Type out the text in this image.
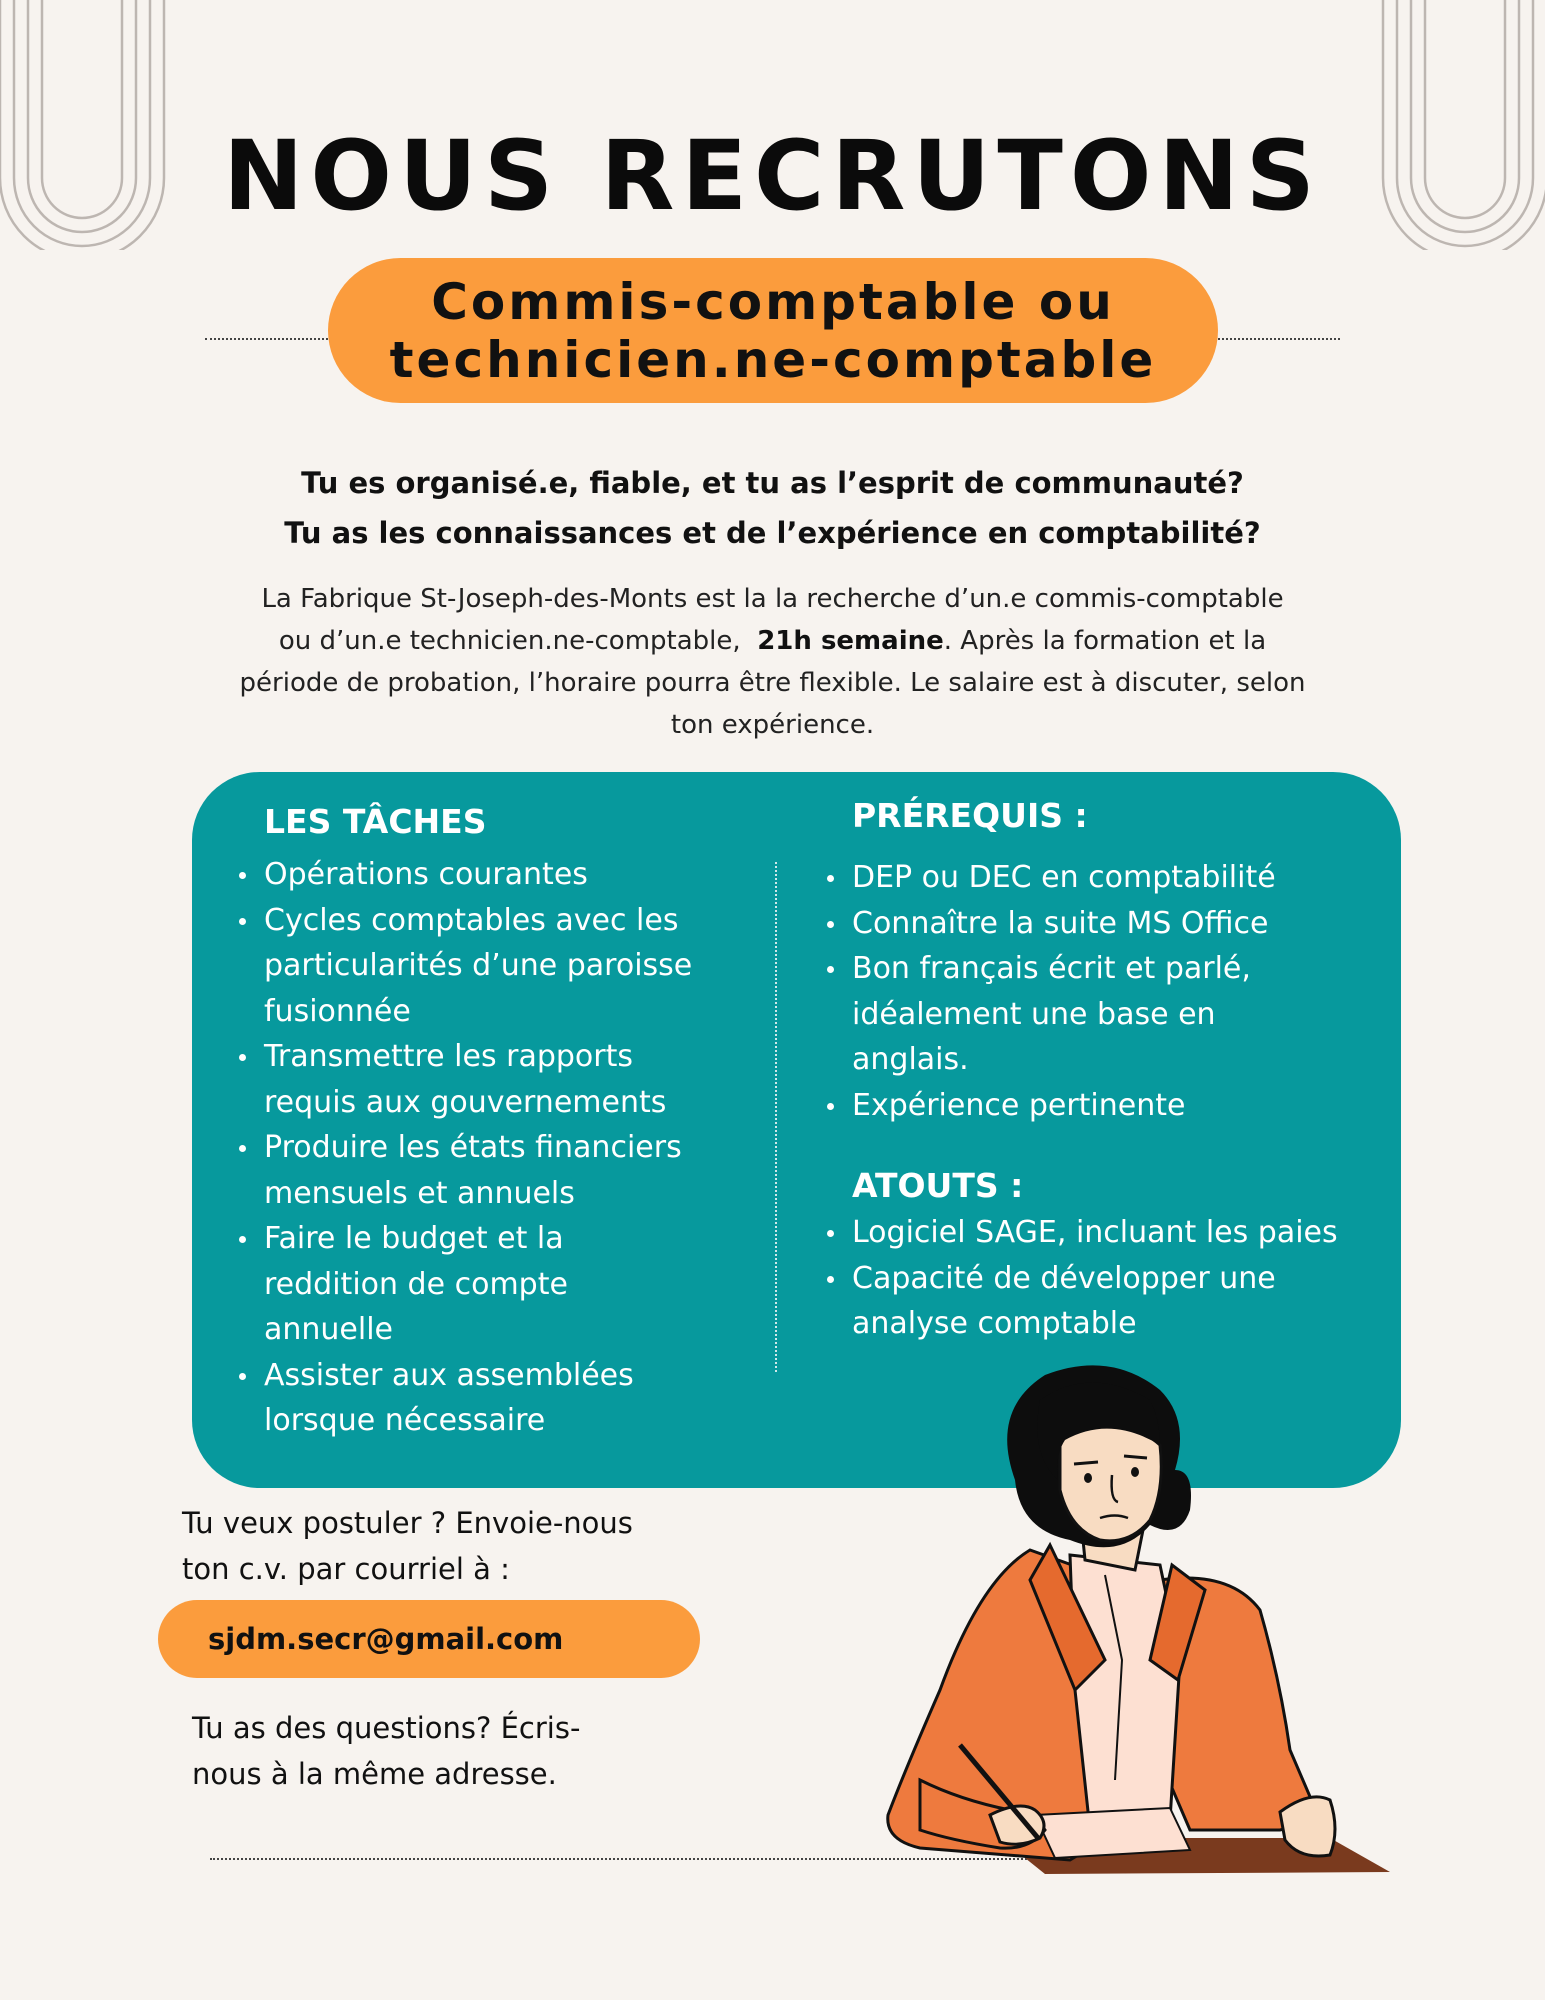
NOUS RECRUTONS
Commis-comptable ou
technicien.ne-comptable
Tu es organisé.e, fiable, et tu as l’esprit de communauté?
Tu as les connaissances et de l’expérience en comptabilité?
La Fabrique St-Joseph-des-Monts est la la recherche d’un.e commis-comptable
ou d’un.e technicien.ne-comptable, 21h semaine. Après la formation et la
période de probation, l’horaire pourra être flexible. Le salaire est à discuter, selon
ton expérience.
LES TÂCHES
Opérations courantes
Cycles comptables avec les
particularités d’une paroisse
fusionnée
Transmettre les rapports
requis aux gouvernements
Produire les états financiers
mensuels et annuels
Faire le budget et la
reddition de compte
annuelle
Assister aux assemblées
lorsque nécessaire
PRÉREQUIS :
DEP ou DEC en comptabilité
Connaître la suite MS Office
Bon français écrit et parlé,
idéalement une base en
anglais.
Expérience pertinente
ATOUTS :
Logiciel SAGE, incluant les paies
Capacité de développer une
analyse comptable
Tu veux postuler ? Envoie-nous
ton c.v. par courriel à :
sjdm.secr@gmail.com
Tu as des questions? Écris-
nous à la même adresse.
